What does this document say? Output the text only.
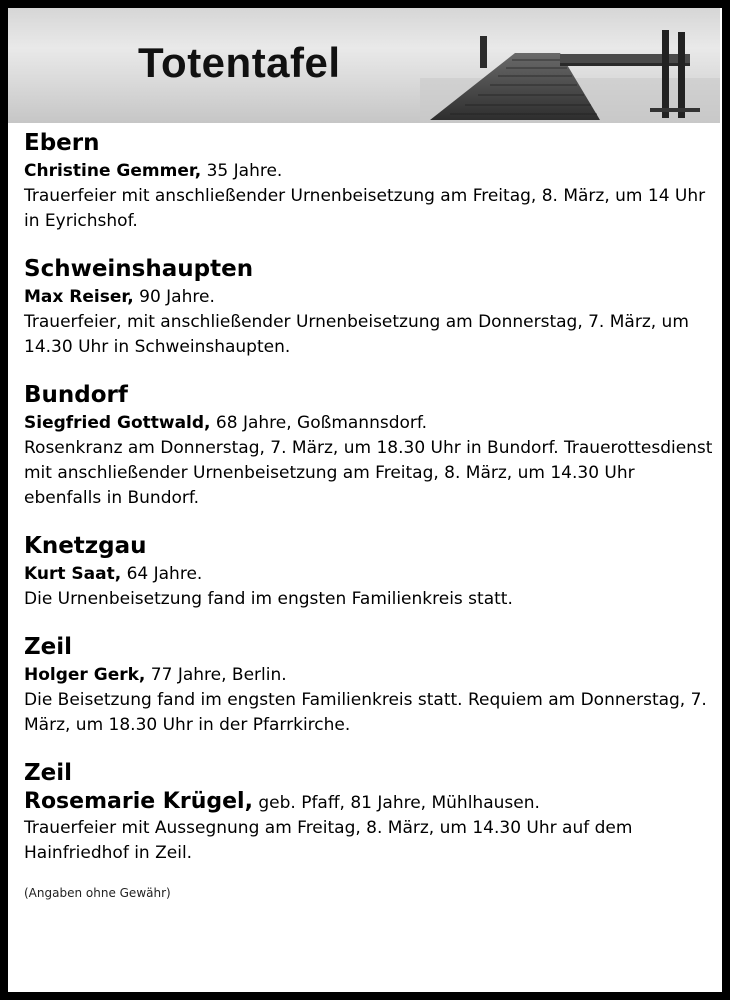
Totentafel
Ebern
Christine Gemmer, 35 Jahre.
Trauerfeier mit anschließender Urnenbeisetzung am Freitag, 8. März, um 14 Uhr in Eyrichshof.
Schweinshaupten
Max Reiser, 90 Jahre.
Trauerfeier, mit anschließender Urnenbeisetzung am Donnerstag, 7. März, um 14.30 Uhr in Schweinshaupten.
Bundorf
Siegfried Gottwald, 68 Jahre, Goßmannsdorf.
Rosenkranz am Donnerstag, 7. März, um 18.30 Uhr in Bundorf. Trauerottesdienst mit anschließender Urnenbeisetzung am Freitag, 8. März, um 14.30 Uhr ebenfalls in Bundorf.
Knetzgau
Kurt Saat, 64 Jahre.
Die Urnenbeisetzung fand im engsten Familienkreis statt.
Zeil
Holger Gerk, 77 Jahre, Berlin.
Die Beisetzung fand im engsten Familienkreis statt. Requiem am Donnerstag, 7. März, um 18.30 Uhr in der Pfarrkirche.
Zeil
Rosemarie Krügel, geb. Pfaff, 81 Jahre, Mühlhausen.
Trauerfeier mit Aussegnung am Freitag, 8. März, um 14.30 Uhr auf dem Hainfriedhof in Zeil.
(Angaben ohne Gewähr)
